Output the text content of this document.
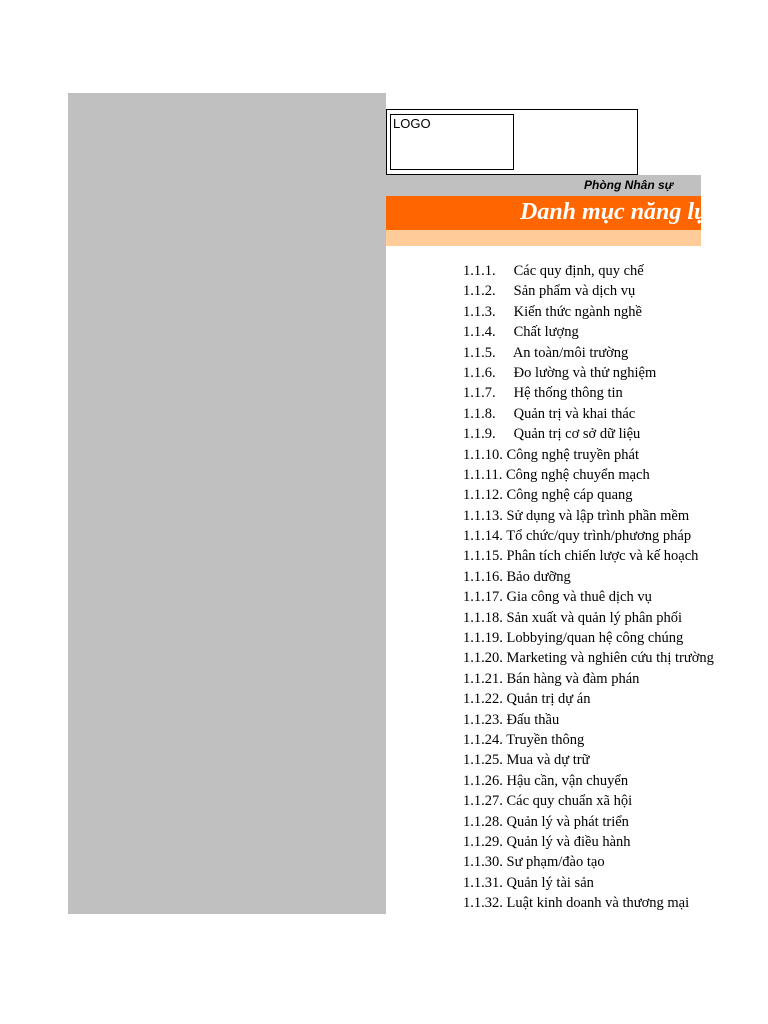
LOGO
Phòng Nhân sự
Danh mục năng lực
1.1.1. Các quy định, quy chế
1.1.2. Sản phẩm và dịch vụ
1.1.3. Kiến thức ngành nghề
1.1.4. Chất lượng
1.1.5. An toàn/môi trường
1.1.6. Đo lường và thử nghiệm
1.1.7. Hệ thống thông tin
1.1.8. Quản trị và khai thác
1.1.9. Quản trị cơ sở dữ liệu
1.1.10. Công nghệ truyền phát
1.1.11. Công nghệ chuyển mạch
1.1.12. Công nghệ cáp quang
1.1.13. Sử dụng và lập trình phần mềm
1.1.14. Tổ chức/quy trình/phương pháp
1.1.15. Phân tích chiến lược và kế hoạch
1.1.16. Bảo dưỡng
1.1.17. Gia công và thuê dịch vụ
1.1.18. Sản xuất và quản lý phân phối
1.1.19. Lobbying/quan hệ công chúng
1.1.20. Marketing và nghiên cứu thị trường
1.1.21. Bán hàng và đàm phán
1.1.22. Quản trị dự án
1.1.23. Đấu thầu
1.1.24. Truyền thông
1.1.25. Mua và dự trữ
1.1.26. Hậu cần, vận chuyển
1.1.27. Các quy chuẩn xã hội
1.1.28. Quản lý và phát triển
1.1.29. Quản lý và điều hành
1.1.30. Sư phạm/đào tạo
1.1.31. Quản lý tài sản
1.1.32. Luật kinh doanh và thương mại
